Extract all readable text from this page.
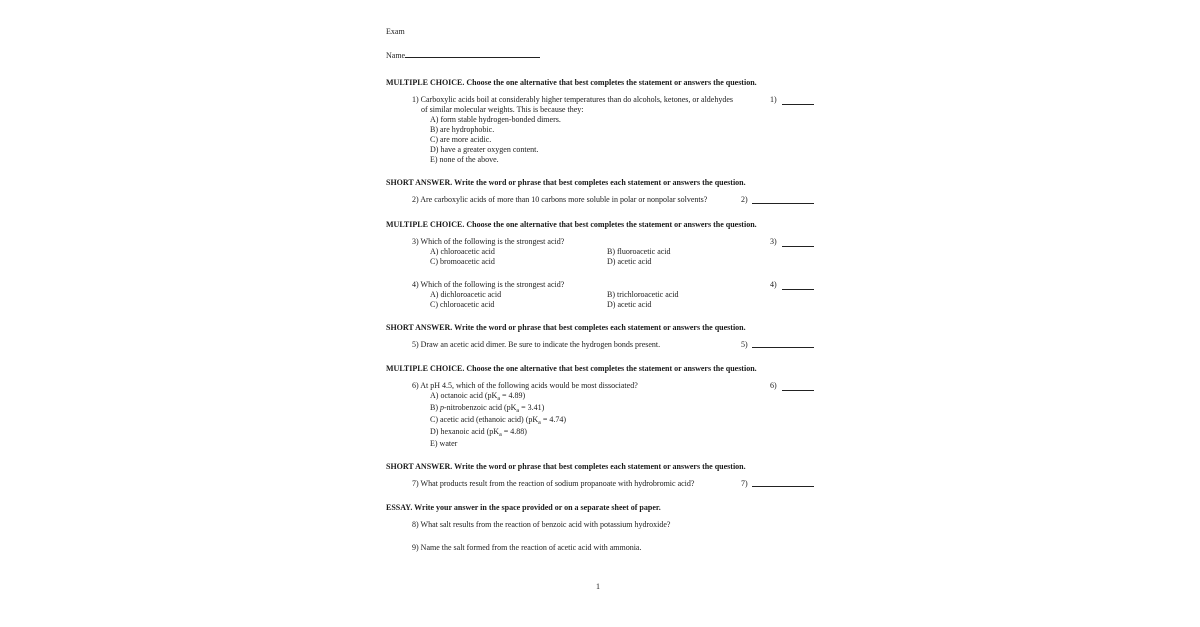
Exam
Name
MULTIPLE CHOICE. Choose the one alternative that best completes the statement or answers the question.
1) Carboxylic acids boil at considerably higher temperatures than do alcohols, ketones, or aldehydes
of similar molecular weights. This is because they:
1)
A) form stable hydrogen-bonded dimers.
B) are hydrophobic.
C) are more acidic.
D) have a greater oxygen content.
E) none of the above.
SHORT ANSWER. Write the word or phrase that best completes each statement or answers the question.
2) Are carboxylic acids of more than 10 carbons more soluble in polar or nonpolar solvents?	2)
MULTIPLE CHOICE. Choose the one alternative that best completes the statement or answers the question.
3) Which of the following is the strongest acid?	3)
A) chloroacetic acid	B) fluoroacetic acid
C) bromoacetic acid	D) acetic acid
4) Which of the following is the strongest acid?	4)
A) dichloroacetic acid	B) trichloroacetic acid
C) chloroacetic acid	D) acetic acid
SHORT ANSWER. Write the word or phrase that best completes each statement or answers the question.
5) Draw an acetic acid dimer. Be sure to indicate the hydrogen bonds present.	5)
MULTIPLE CHOICE. Choose the one alternative that best completes the statement or answers the question.
6) At pH 4.5, which of the following acids would be most dissociated?	6)
A) octanoic acid $(pK_a = 4.89)$
B) p-nitrobenzoic acid $(pK_a = 3.41)$
C) acetic acid (ethanoic acid) $(pK_a = 4.74)$
D) hexanoic acid $(pK_a = 4.88)$
E) water
SHORT ANSWER. Write the word or phrase that best completes each statement or answers the question.
7) What products result from the reaction of sodium propanoate with hydrobromic acid?	7)
ESSAY. Write your answer in the space provided or on a separate sheet of paper.
8) What salt results from the reaction of benzoic acid with potassium hydroxide?
9) Name the salt formed from the reaction of acetic acid with ammonia.
1
